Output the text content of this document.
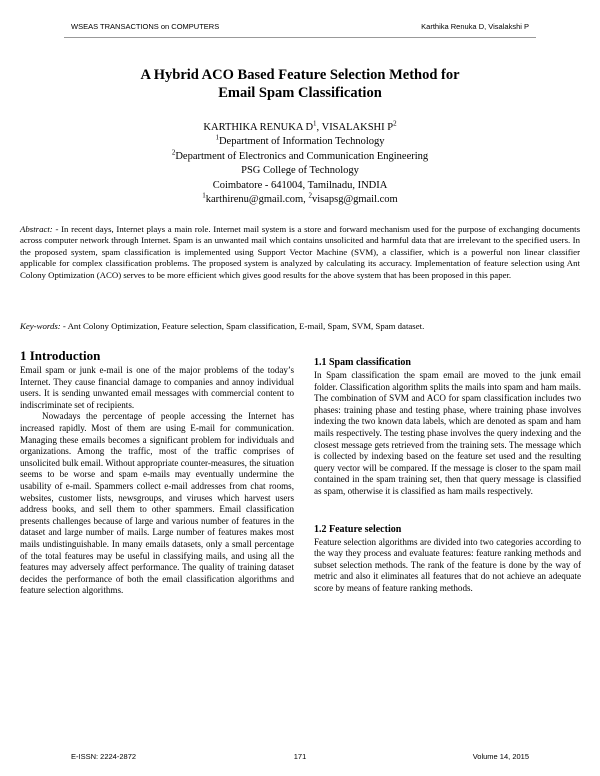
WSEAS TRANSACTIONS on COMPUTERS	Karthika Renuka D, Visalakshi P
A Hybrid ACO Based Feature Selection Method for
Email Spam Classification
KARTHIKA RENUKA $D^1$, VISALAKSHI $P^2$
$^1$Department of Information Technology
$^2$Department of Electronics and Communication Engineering
PSG College of Technology
Coimbatore - 641004, Tamilnadu, INDIA
$^1$karthirenu@gmail.com, $^2$visapsg@gmail.com
Abstract: - In recent days, Internet plays a main role. Internet mail system is a store and forward mechanism used for the purpose of exchanging documents across computer network through Internet. Spam is an unwanted mail which contains unsolicited and harmful data that are irrelevant to the specified users. In the proposed system, spam classification is implemented using Support Vector Machine (SVM), a classifier, which is a powerful non linear classifier applicable for complex classification problems. The proposed system is analyzed by calculating its accuracy. Implementation of feature selection using Ant Colony Optimization (ACO) serves to be more efficient which gives good results for the above system that has been proposed in this paper.
Key-words: - Ant Colony Optimization, Feature selection, Spam classification, E-mail, Spam, SVM, Spam dataset.
1 Introduction

Email spam or junk e-mail is one of the major problems of the today’s Internet. They cause financial damage to companies and annoy individual users. It is sending unwanted email messages with commercial content to indiscriminate set of recipients.

Nowadays the percentage of people accessing the Internet has increased rapidly. Most of them are using E-mail for communication. Managing these emails becomes a significant problem for individuals and organizations. Among the traffic, most of the traffic comprises of unsolicited bulk email. Without appropriate counter-measures, the situation seems to be worse and spam e-mails may eventually undermine the usability of e-mail. Spammers collect e-mail addresses from chat rooms, websites, customer lists, newsgroups, and viruses which harvest users address books, and sell them to other spammers. Email classification presents challenges because of large and various number of features in the dataset and large number of mails. Large number of features makes most mails undistinguishable. In many emails datasets, only a small percentage of the total features may be useful in classifying mails, and using all the features may adversely affect performance. The quality of training dataset decides the performance of both the email classification algorithms and feature selection algorithms.

1.1 Spam classification

In Spam classification the spam email are moved to the junk email folder. Classification algorithm splits the mails into spam and ham mails. The combination of SVM and ACO for spam classification includes two phases: training phase and testing phase, where training phase involves indexing the two known data labels, which are denoted as spam and ham mails respectively. The testing phase involves the query indexing and the closest message gets retrieved from the training sets. The message which is collected by indexing based on the feature set used and the resulting query vector will be compared. If the message is closer to the spam mail contained in the spam training set, then that query message is classified as spam, otherwise it is classified as ham mails respectively.

1.2 Feature selection

Feature selection algorithms are divided into two categories according to the way they process and evaluate features: feature ranking methods and subset selection methods. The rank of the feature is done by the way of metric and also it eliminates all features that do not achieve an adequate score by means of feature ranking methods.

E-ISSN: 2224-2872	171	Volume 14, 2015
